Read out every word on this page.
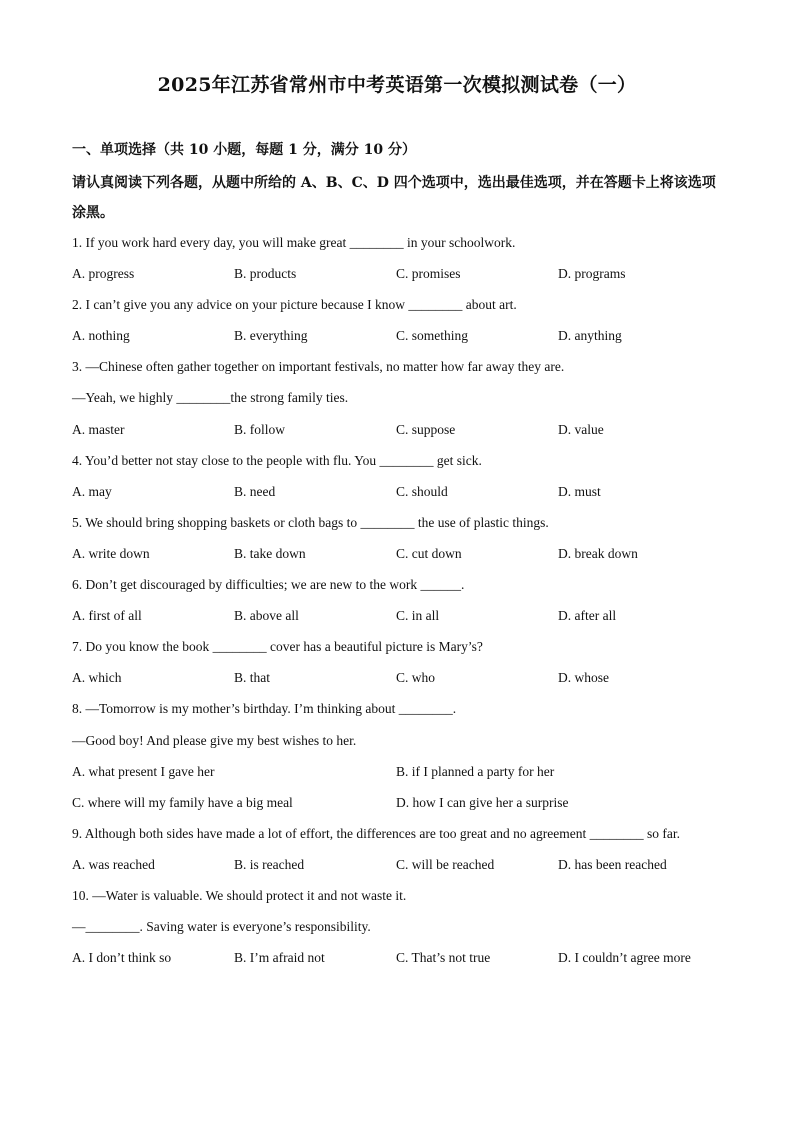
2025年江苏省常州市中考英语第一次模拟测试卷（一）
一、单项选择（共 10 小题，每题 1 分，满分 10 分）
请认真阅读下列各题，从题中所给的 A、B、C、D 四个选项中，选出最佳选项，并在答题卡上将该选项涂黑。
1. If you work hard every day, you will make great ________ in your schoolwork.
A. progress	B. products	C. promises	D. programs
2. I can’t give you any advice on your picture because I know ________ about art.
A. nothing	B. everything	C. something	D. anything
3. —Chinese often gather together on important festivals, no matter how far away they are.
—Yeah, we highly ________the strong family ties.
A. master	B. follow	C. suppose	D. value
4. You’d better not stay close to the people with flu. You ________ get sick.
A. may	B. need	C. should	D. must
5. We should bring shopping baskets or cloth bags to ________ the use of plastic things.
A. write down	B. take down	C. cut down	D. break down
6. Don’t get discouraged by difficulties; we are new to the work ______.
A. first of all	B. above all	C. in all	D. after all
7. Do you know the book ________ cover has a beautiful picture is Mary’s?
A. which	B. that	C. who	D. whose
8. —Tomorrow is my mother’s birthday. I’m thinking about ________.
—Good boy! And please give my best wishes to her.
A. what present I gave her	B. if I planned a party for her
C. where will my family have a big meal	D. how I can give her a surprise
9. Although both sides have made a lot of effort, the differences are too great and no agreement ________ so far.
A. was reached	B. is reached	C. will be reached	D. has been reached
10. —Water is valuable. We should protect it and not waste it.
—________. Saving water is everyone’s responsibility.
A. I don’t think so	B. I’m afraid not	C. That’s not true	D. I couldn’t agree more
